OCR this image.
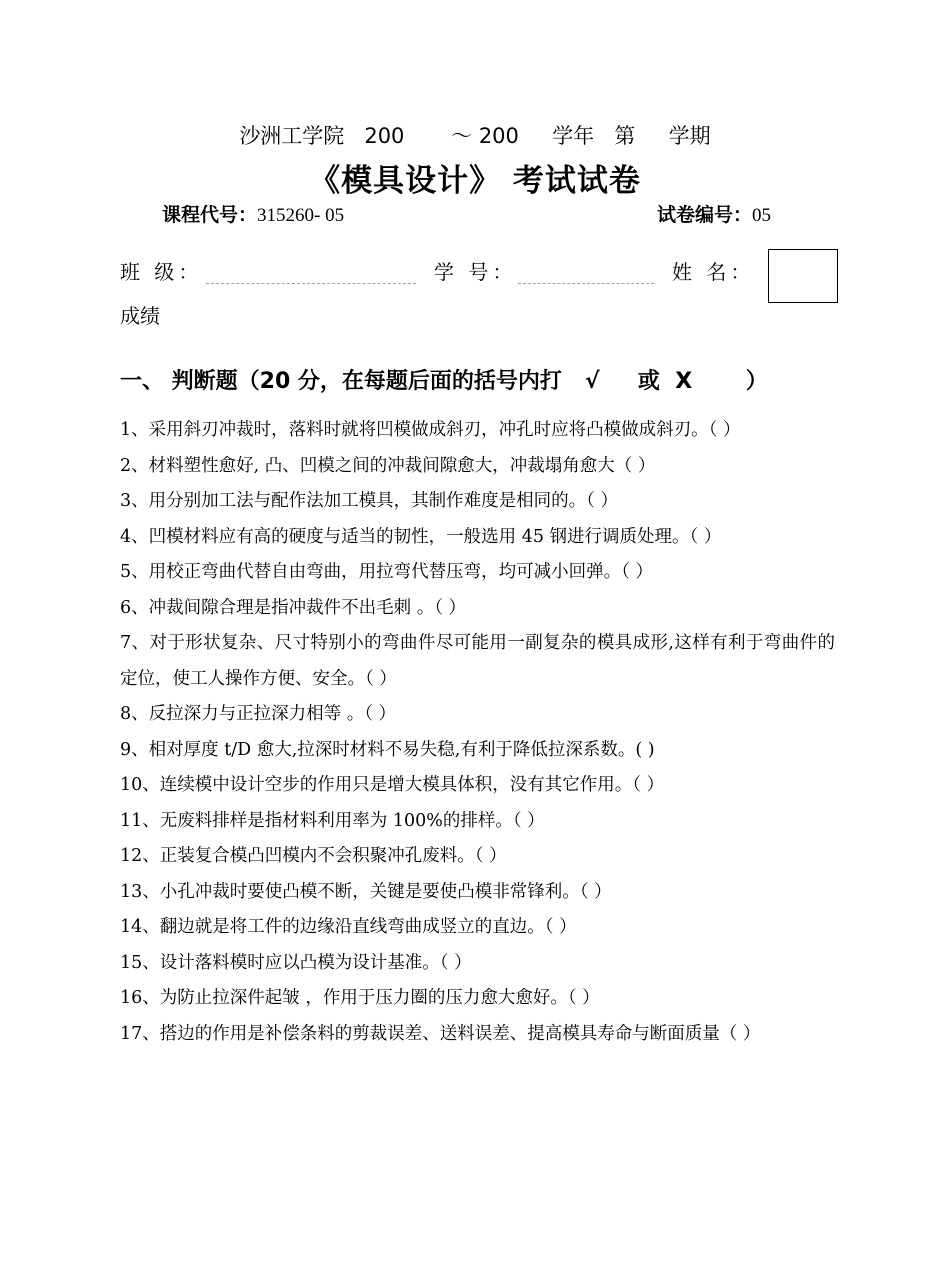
沙洲工学院   200       ～ 200     学年   第     学期
《模具设计》 考试试卷
课程代号：315260- 05	试卷编号：05
班 级：	学 号：	姓 名：
成绩
一、 判断题（20 分，在每题后面的括号内打   √     或  X       ）

1、采用斜刃冲裁时，落料时就将凹模做成斜刃，冲孔时应将凸模做成斜刃。（ ）

2、材料塑性愈好, 凸、凹模之间的冲裁间隙愈大，冲裁塌角愈大（ ）

3、用分别加工法与配作法加工模具，其制作难度是相同的。（ ）

4、凹模材料应有高的硬度与适当的韧性，一般选用 45 钢进行调质处理。（ ）

5、用校正弯曲代替自由弯曲，用拉弯代替压弯，均可减小回弹。（ ）

6、冲裁间隙合理是指冲裁件不出毛刺 。（ ）

7、对于形状复杂、尺寸特别小的弯曲件尽可能用一副复杂的模具成形,这样有利于弯曲件的定位，使工人操作方便、安全。（ ）

8、反拉深力与正拉深力相等 。（ ）

9、相对厚度 t/D 愈大,拉深时材料不易失稳,有利于降低拉深系数。( )

10、连续模中设计空步的作用只是增大模具体积，没有其它作用。（ ）

11、无废料排样是指材料利用率为 100%的排样。（ ）

12、正装复合模凸凹模内不会积聚冲孔废料。（ ）

13、小孔冲裁时要使凸模不断，关键是要使凸模非常锋利。（ ）

14、翻边就是将工件的边缘沿直线弯曲成竖立的直边。（ ）

15、设计落料模时应以凸模为设计基准。（ ）

16、为防止拉深件起皱 ，作用于压力圈的压力愈大愈好。（ ）

17、搭边的作用是补偿条料的剪裁误差、送料误差、提高模具寿命与断面质量（ ）
